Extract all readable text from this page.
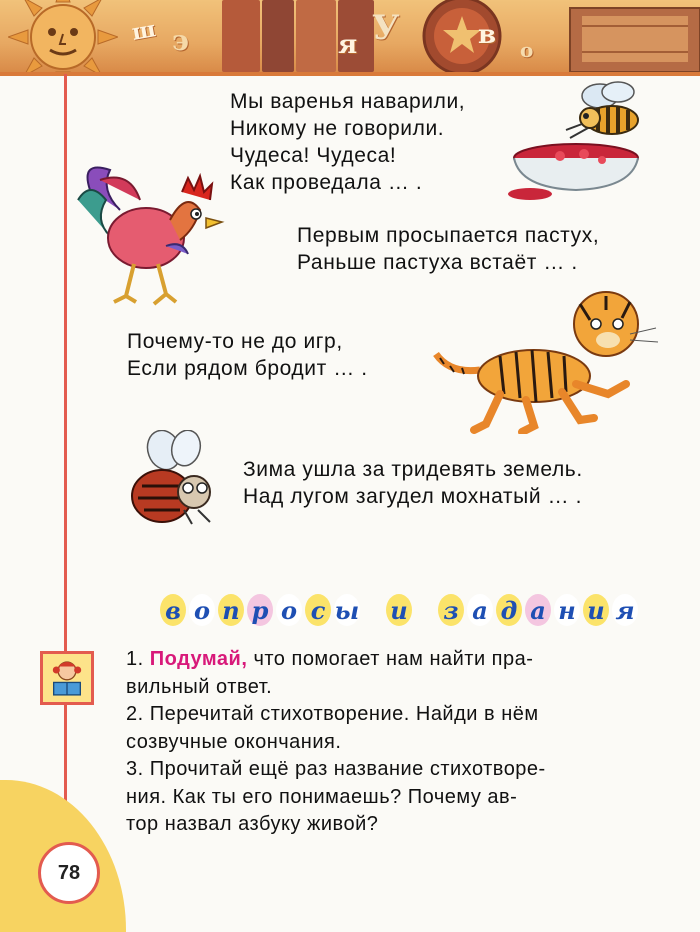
ш э	я У	в о
78
Мы варенья наварили,
Никому не говорили.
Чудеса! Чудеса!
Как проведала … .
Первым просыпается пастух,
Раньше пастуха встаёт … .
Почему-то не до игр,
Если рядом бродит … .
Зима ушла за тридевять земель.
Над лугом загудел мохнатый … .
в о п р о с ы и з а д а н и я
1. Подумай, что помогает нам найти пра-
вильный ответ.
2. Перечитай стихотворение. Найди в нём
созвучные окончания.
3. Прочитай ещё раз название стихотворе-
ния. Как ты его понимаешь? Почему ав-
тор назвал азбуку живой?
